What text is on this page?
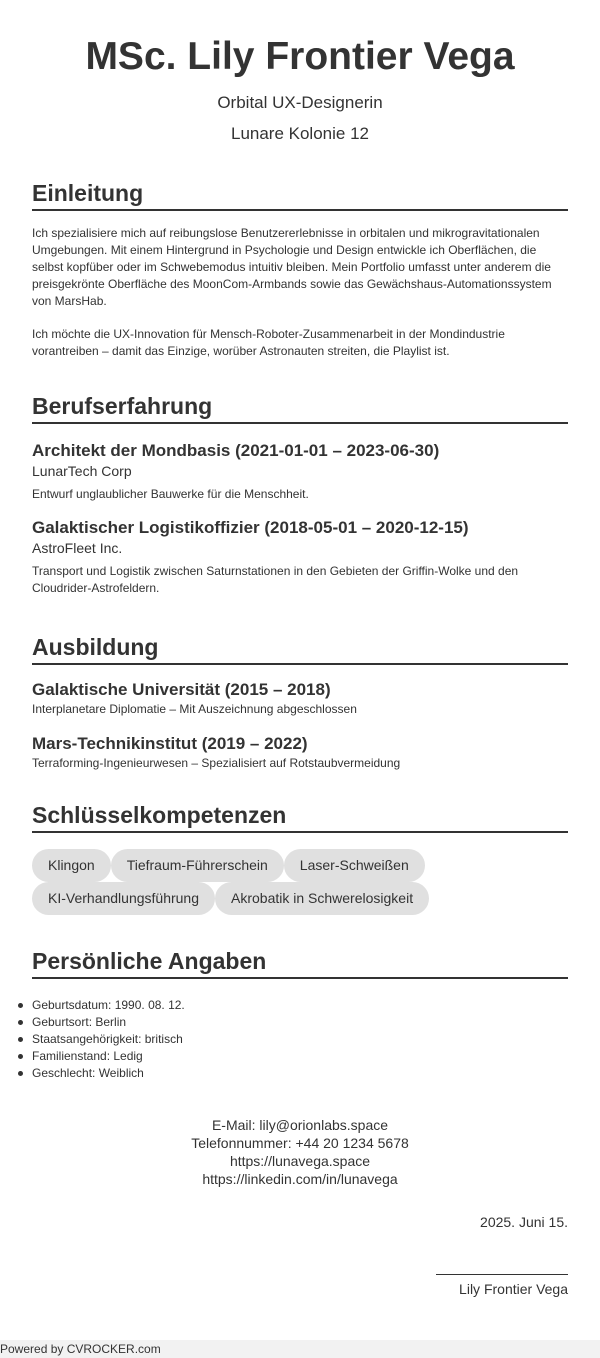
MSc. Lily Frontier Vega
Orbital UX-Designerin
Lunare Kolonie 12
Einleitung

Ich spezialisiere mich auf reibungslose Benutzererlebnisse in orbitalen und mikrogravitationalen Umgebungen. Mit einem Hintergrund in Psychologie und Design entwickle ich Oberflächen, die selbst kopfüber oder im Schwebemodus intuitiv bleiben. Mein Portfolio umfasst unter anderem die preisgekrönte Oberfläche des MoonCom-Armbands sowie das Gewächshaus-Automationssystem von MarsHab.

Ich möchte die UX-Innovation für Mensch-Roboter-Zusammenarbeit in der Mondindustrie vorantreiben – damit das Einzige, worüber Astronauten streiten, die Playlist ist.

Berufserfahrung
Architekt der Mondbasis (2021-01-01 – 2023-06-30)
LunarTech Corp
Entwurf unglaublicher Bauwerke für die Menschheit.
Galaktischer Logistikoffizier (2018-05-01 – 2020-12-15)
AstroFleet Inc.
Transport und Logistik zwischen Saturnstationen in den Gebieten der Griffin-Wolke und den Cloudrider-Astrofeldern.
Ausbildung
Galaktische Universität (2015 – 2018)
Interplanetare Diplomatie – Mit Auszeichnung abgeschlossen
Mars-Technikinstitut (2019 – 2022)
Terraforming-Ingenieurwesen – Spezialisiert auf Rotstaubvermeidung
Schlüsselkompetenzen
Klingon	Tiefraum-Führerschein	Laser-Schweißen
KI-Verhandlungsführung	Akrobatik in Schwerelosigkeit
Persönliche Angaben
Geburtsdatum: 1990. 08. 12.
Geburtsort: Berlin
Staatsangehörigkeit: britisch
Familienstand: Ledig
Geschlecht: Weiblich
E-Mail: lily@orionlabs.space
Telefonnummer: +44 20 1234 5678
https://lunavega.space
https://linkedin.com/in/lunavega
2025. Juni 15.
Lily Frontier Vega
Powered by CVROCKER.com
